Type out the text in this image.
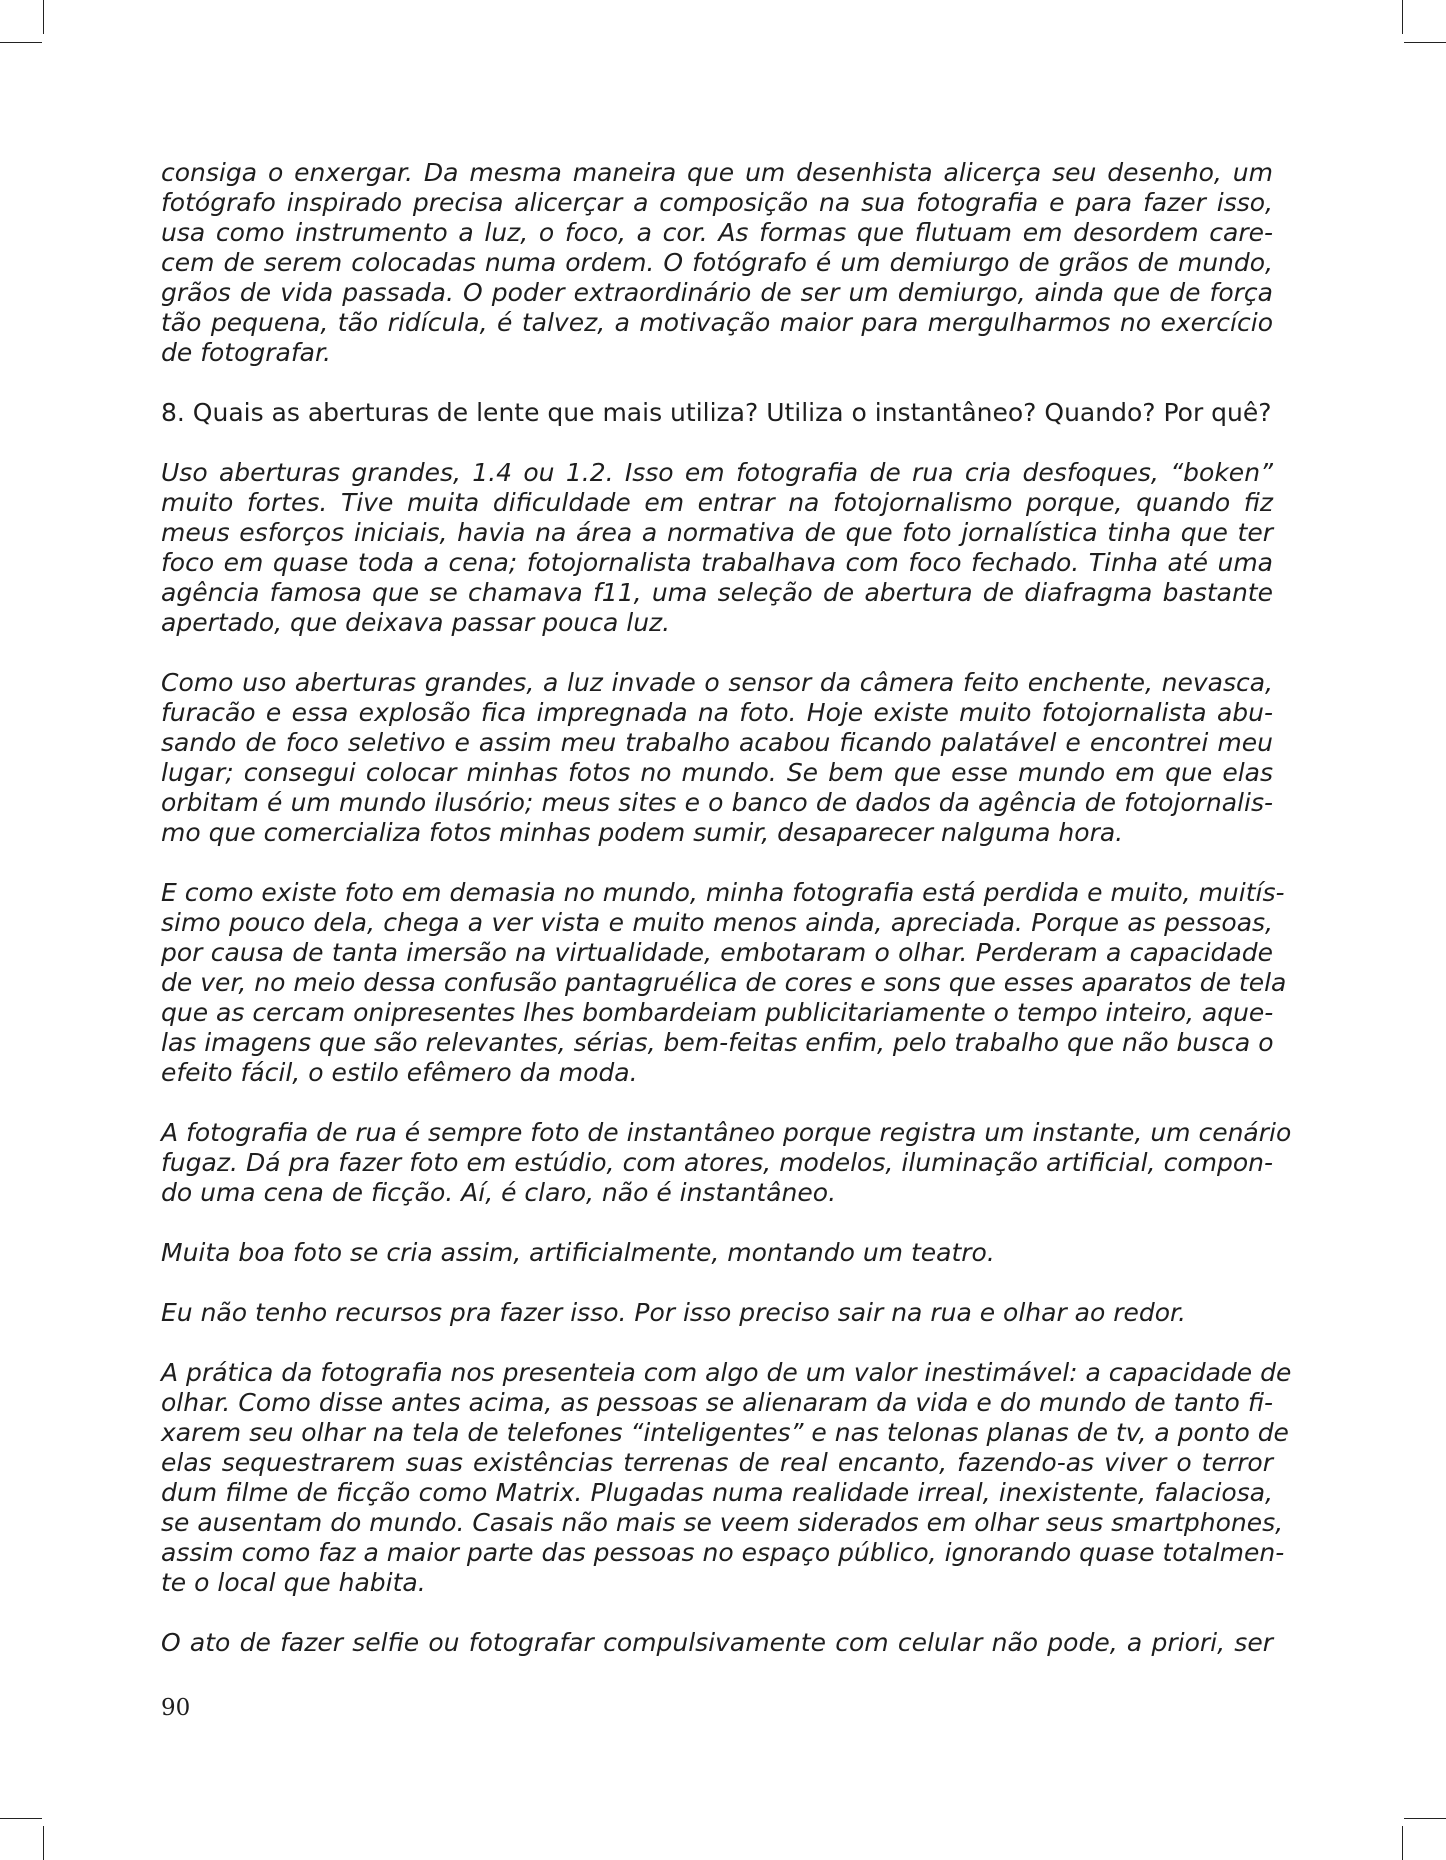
consiga o enxergar. Da mesma maneira que um desenhista alicerça seu desenho, um
fotógrafo inspirado precisa alicerçar a composição na sua fotografia e para fazer isso,
usa como instrumento a luz, o foco, a cor. As formas que flutuam em desordem care-
cem de serem colocadas numa ordem. O fotógrafo é um demiurgo de grãos de mundo,
grãos de vida passada. O poder extraordinário de ser um demiurgo, ainda que de força
tão pequena, tão ridícula, é talvez, a motivação maior para mergulharmos no exercício
de fotografar.
8. Quais as aberturas de lente que mais utiliza? Utiliza o instantâneo? Quando? Por quê?
Uso aberturas grandes, 1.4 ou 1.2. Isso em fotografia de rua cria desfoques, “boken”
muito fortes. Tive muita dificuldade em entrar na fotojornalismo porque, quando fiz
meus esforços iniciais, havia na área a normativa de que foto jornalística tinha que ter
foco em quase toda a cena; fotojornalista trabalhava com foco fechado. Tinha até uma
agência famosa que se chamava f11, uma seleção de abertura de diafragma bastante
apertado, que deixava passar pouca luz.
Como uso aberturas grandes, a luz invade o sensor da câmera feito enchente, nevasca,
furacão e essa explosão fica impregnada na foto. Hoje existe muito fotojornalista abu-
sando de foco seletivo e assim meu trabalho acabou ficando palatável e encontrei meu
lugar; consegui colocar minhas fotos no mundo. Se bem que esse mundo em que elas
orbitam é um mundo ilusório; meus sites e o banco de dados da agência de fotojornalis-
mo que comercializa fotos minhas podem sumir, desaparecer nalguma hora.
E como existe foto em demasia no mundo, minha fotografia está perdida e muito, muitís-
simo pouco dela, chega a ver vista e muito menos ainda, apreciada. Porque as pessoas,
por causa de tanta imersão na virtualidade, embotaram o olhar. Perderam a capacidade
de ver, no meio dessa confusão pantagruélica de cores e sons que esses aparatos de tela
que as cercam onipresentes lhes bombardeiam publicitariamente o tempo inteiro, aque-
las imagens que são relevantes, sérias, bem-feitas enfim, pelo trabalho que não busca o
efeito fácil, o estilo efêmero da moda.
A fotografia de rua é sempre foto de instantâneo porque registra um instante, um cenário
fugaz. Dá pra fazer foto em estúdio, com atores, modelos, iluminação artificial, compon-
do uma cena de ficção. Aí, é claro, não é instantâneo.
Muita boa foto se cria assim, artificialmente, montando um teatro.
Eu não tenho recursos pra fazer isso. Por isso preciso sair na rua e olhar ao redor.
A prática da fotografia nos presenteia com algo de um valor inestimável: a capacidade de
olhar. Como disse antes acima, as pessoas se alienaram da vida e do mundo de tanto fi-
xarem seu olhar na tela de telefones “inteligentes” e nas telonas planas de tv, a ponto de
elas sequestrarem suas existências terrenas de real encanto, fazendo-as viver o terror
dum filme de ficção como Matrix. Plugadas numa realidade irreal, inexistente, falaciosa,
se ausentam do mundo. Casais não mais se veem siderados em olhar seus smartphones,
assim como faz a maior parte das pessoas no espaço público, ignorando quase totalmen-
te o local que habita.
O ato de fazer selfie ou fotografar compulsivamente com celular não pode, a priori, ser
90
